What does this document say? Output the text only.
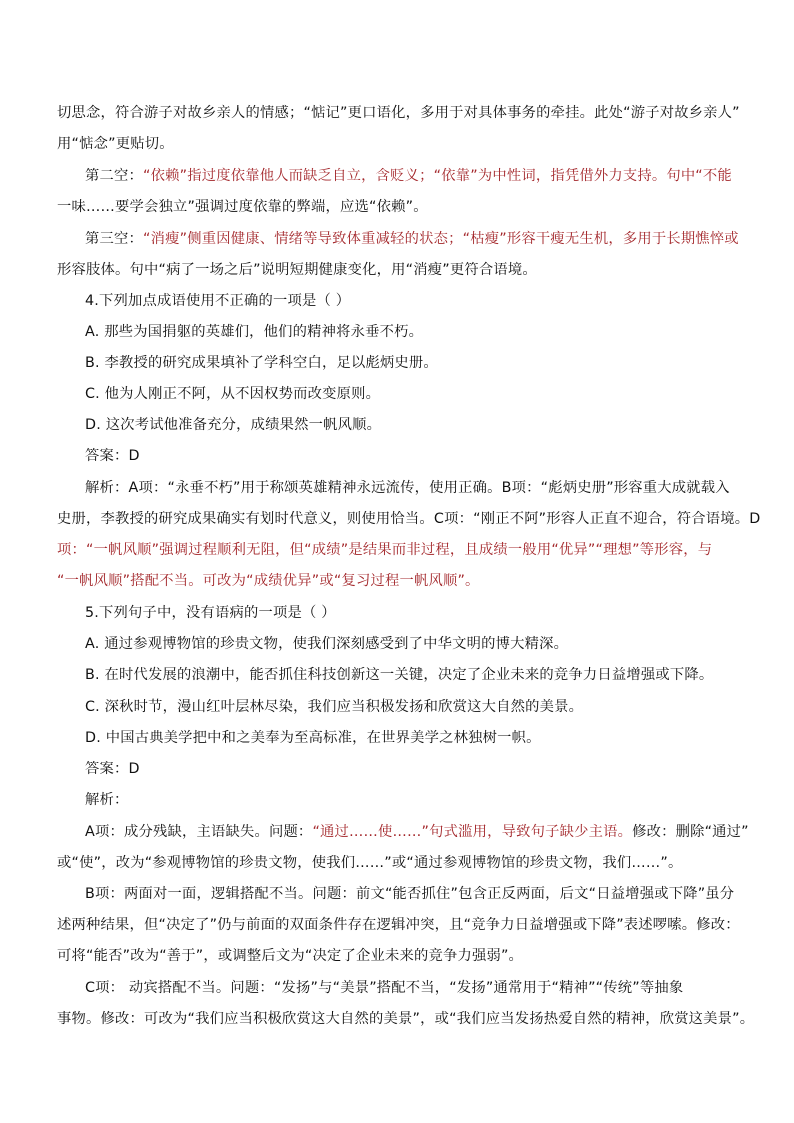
切思念，符合游子对故乡亲人的情感；“惦记”更口语化，多用于对具体事务的牵挂。此处“游子对故乡亲人”
用“惦念”更贴切。
第二空：“依赖”指过度依靠他人而缺乏自立，含贬义；“依靠”为中性词，指凭借外力支持。句中“不能
一味……要学会独立”强调过度依靠的弊端，应选“依赖”。
第三空：“消瘦”侧重因健康、情绪等导致体重减轻的状态；“枯瘦”形容干瘦无生机，多用于长期憔悴或
形容肢体。句中“病了一场之后”说明短期健康变化，用“消瘦”更符合语境。
4.下列加点成语使用不正确的一项是（ ）
A. 那些为国捐躯的英雄们，他们的精神将永垂不朽。
B. 李教授的研究成果填补了学科空白，足以彪炳史册。
C. 他为人刚正不阿，从不因权势而改变原则。
D. 这次考试他准备充分，成绩果然一帆风顺。
答案：D
解析：A项：“永垂不朽”用于称颂英雄精神永远流传，使用正确。B项：“彪炳史册”形容重大成就载入
史册，李教授的研究成果确实有划时代意义，则使用恰当。C项：“刚正不阿”形容人正直不迎合，符合语境。D
项：“一帆风顺”强调过程顺利无阻，但“成绩”是结果而非过程，且成绩一般用“优异”“理想”等形容，与
“一帆风顺”搭配不当。可改为“成绩优异”或“复习过程一帆风顺”。
5.下列句子中，没有语病的一项是（ ）
A. 通过参观博物馆的珍贵文物，使我们深刻感受到了中华文明的博大精深。
B. 在时代发展的浪潮中，能否抓住科技创新这一关键，决定了企业未来的竞争力日益增强或下降。
C. 深秋时节，漫山红叶层林尽染，我们应当积极发扬和欣赏这大自然的美景。
D. 中国古典美学把中和之美奉为至高标准，在世界美学之林独树一帜。
答案：D
解析：
A项：成分残缺，主语缺失。问题：“通过……使……”句式滥用，导致句子缺少主语。修改：删除“通过”
或“使”，改为“参观博物馆的珍贵文物，使我们……”或“通过参观博物馆的珍贵文物，我们……”。
B项：两面对一面，逻辑搭配不当。问题：前文“能否抓住”包含正反两面，后文“日益增强或下降”虽分
述两种结果，但“决定了”仍与前面的双面条件存在逻辑冲突，且“竞争力日益增强或下降”表述啰嗦。修改：
可将“能否”改为“善于”，或调整后文为“决定了企业未来的竞争力强弱”。
C项： 动宾搭配不当。问题：“发扬”与“美景”搭配不当，“发扬”通常用于“精神”“传统”等抽象
事物。修改：可改为“我们应当积极欣赏这大自然的美景”，或“我们应当发扬热爱自然的精神，欣赏这美景”。
